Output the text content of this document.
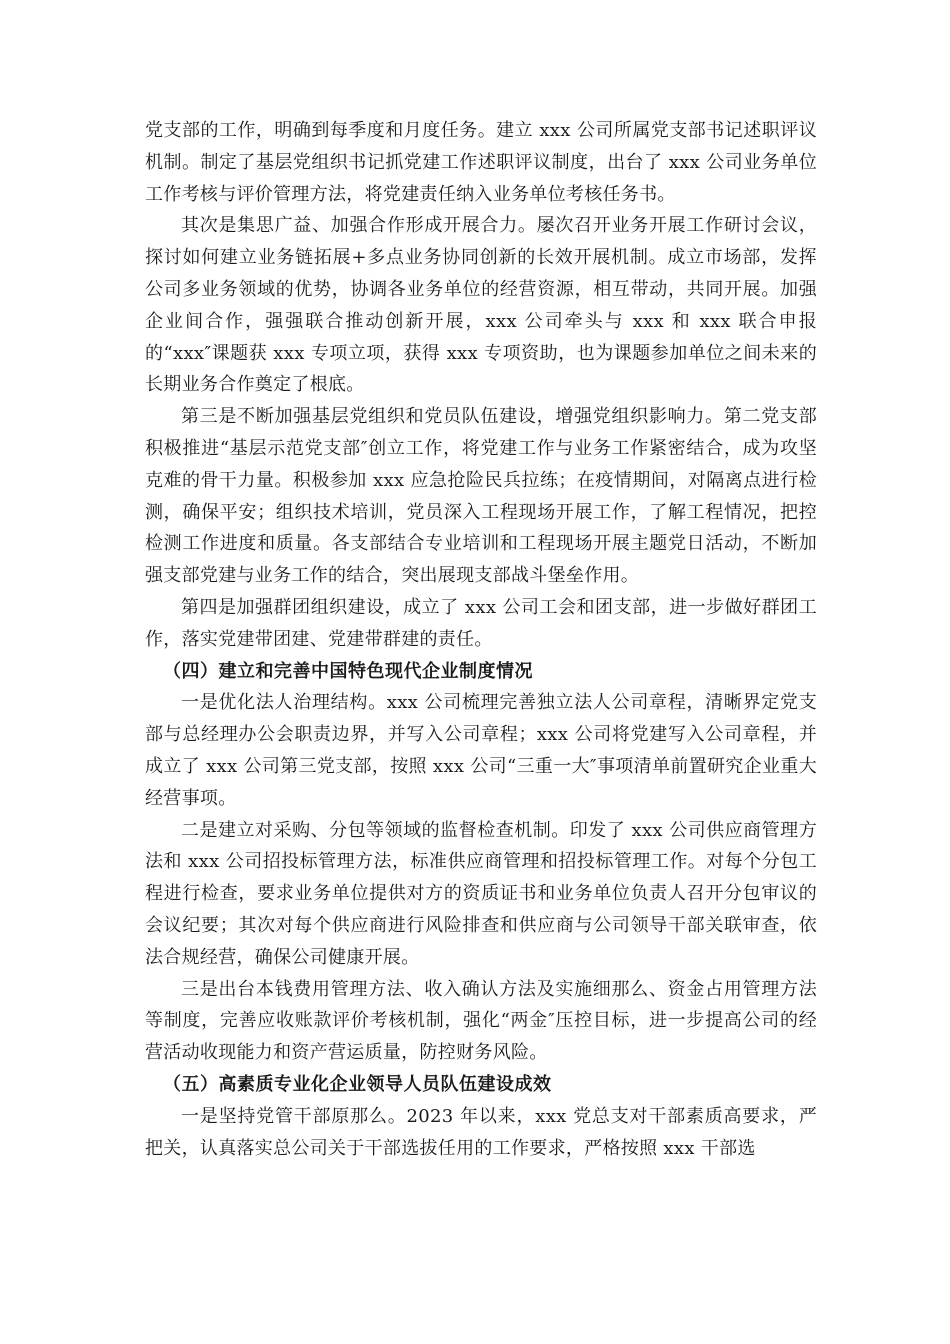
党支部的工作，明确到每季度和月度任务。建立 xxx 公司所属党支部书记述职评议机制。制定了基层党组织书记抓党建工作述职评议制度，出台了 xxx 公司业务单位工作考核与评价管理方法，将党建责任纳入业务单位考核任务书。

其次是集思广益、加强合作形成开展合力。屡次召开业务开展工作研讨会议，探讨如何建立业务链拓展+多点业务协同创新的长效开展机制。成立市场部，发挥公司多业务领域的优势，协调各业务单位的经营资源，相互带动，共同开展。加强企业间合作，强强联合推动创新开展，xxx 公司牵头与 xxx 和 xxx 联合申报的“xxx″课题获 xxx 专项立项，获得 xxx 专项资助，也为课题参加单位之间未来的长期业务合作奠定了根底。

第三是不断加强基层党组织和党员队伍建设，增强党组织影响力。第二党支部积极推进“基层示范党支部″创立工作，将党建工作与业务工作紧密结合，成为攻坚克难的骨干力量。积极参加 xxx 应急抢险民兵拉练；在疫情期间，对隔离点进行检测，确保平安；组织技术培训，党员深入工程现场开展工作，了解工程情况，把控检测工作进度和质量。各支部结合专业培训和工程现场开展主题党日活动，不断加强支部党建与业务工作的结合，突出展现支部战斗堡垒作用。

第四是加强群团组织建设，成立了 xxx 公司工会和团支部，进一步做好群团工作，落实党建带团建、党建带群建的责任。

（四）建立和完善中国特色现代企业制度情况

一是优化法人治理结构。xxx 公司梳理完善独立法人公司章程，清晰界定党支部与总经理办公会职责边界，并写入公司章程；xxx 公司将党建写入公司章程，并成立了 xxx 公司第三党支部，按照 xxx 公司“三重一大″事项清单前置研究企业重大经营事项。

二是建立对采购、分包等领域的监督检查机制。印发了 xxx 公司供应商管理方法和 xxx 公司招投标管理方法，标准供应商管理和招投标管理工作。对每个分包工程进行检查，要求业务单位提供对方的资质证书和业务单位负责人召开分包审议的会议纪要；其次对每个供应商进行风险排查和供应商与公司领导干部关联审查，依法合规经营，确保公司健康开展。

三是出台本钱费用管理方法、收入确认方法及实施细那么、资金占用管理方法等制度，完善应收账款评价考核机制，强化“两金″压控目标，进一步提高公司的经营活动收现能力和资产营运质量，防控财务风险。

（五）高素质专业化企业领导人员队伍建设成效

一是坚持党管干部原那么。2023 年以来，xxx 党总支对干部素质高要求，严把关，认真落实总公司关于干部选拔任用的工作要求，严格按照 xxx 干部选
